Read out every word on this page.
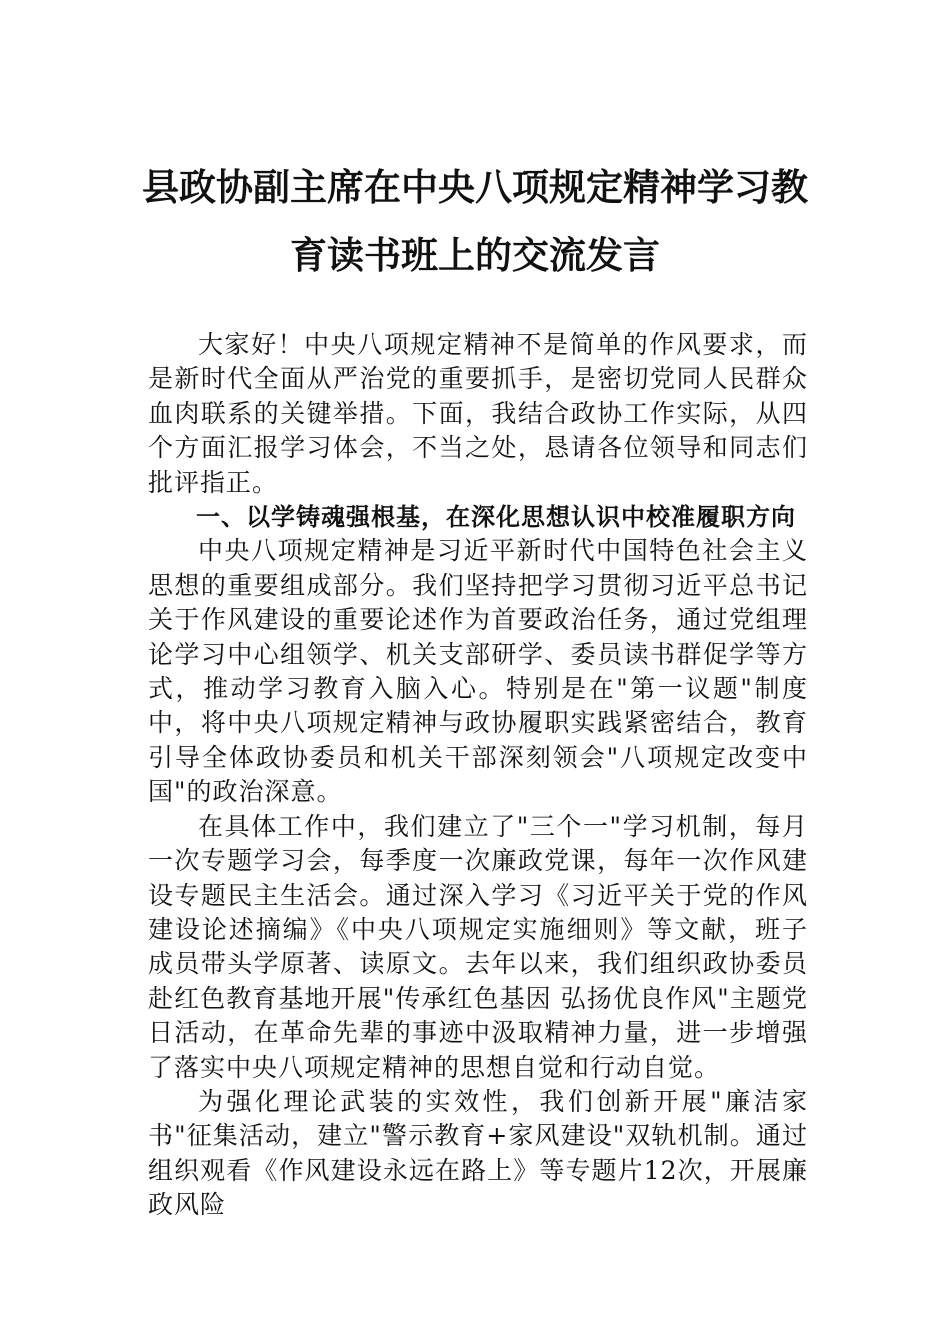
县政协副主席在中央八项规定精神学习教
育读书班上的交流发言

大家好！中央八项规定精神不是简单的作风要求，而是新时代全面从严治党的重要抓手，是密切党同人民群众血肉联系的关键举措。下面，我结合政协工作实际，从四个方面汇报学习体会，不当之处，恳请各位领导和同志们批评指正。

一、以学铸魂强根基，在深化思想认识中校准履职方向

中央八项规定精神是习近平新时代中国特色社会主义思想的重要组成部分。我们坚持把学习贯彻习近平总书记关于作风建设的重要论述作为首要政治任务，通过党组理论学习中心组领学、机关支部研学、委员读书群促学等方式，推动学习教育入脑入心。特别是在"第一议题"制度中，将中央八项规定精神与政协履职实践紧密结合，教育引导全体政协委员和机关干部深刻领会"八项规定改变中国"的政治深意。

在具体工作中，我们建立了"三个一"学习机制，每月一次专题学习会，每季度一次廉政党课，每年一次作风建设专题民主生活会。通过深入学习《习近平关于党的作风建设论述摘编》《中央八项规定实施细则》等文献，班子成员带头学原著、读原文。去年以来，我们组织政协委员赴红色教育基地开展"传承红色基因 弘扬优良作风"主题党日活动，在革命先辈的事迹中汲取精神力量，进一步增强了落实中央八项规定精神的思想自觉和行动自觉。

为强化理论武装的实效性，我们创新开展"廉洁家书"征集活动，建立"警示教育+家风建设"双轨机制。通过组织观看《作风建设永远在路上》等专题片12次，开展廉政风险
